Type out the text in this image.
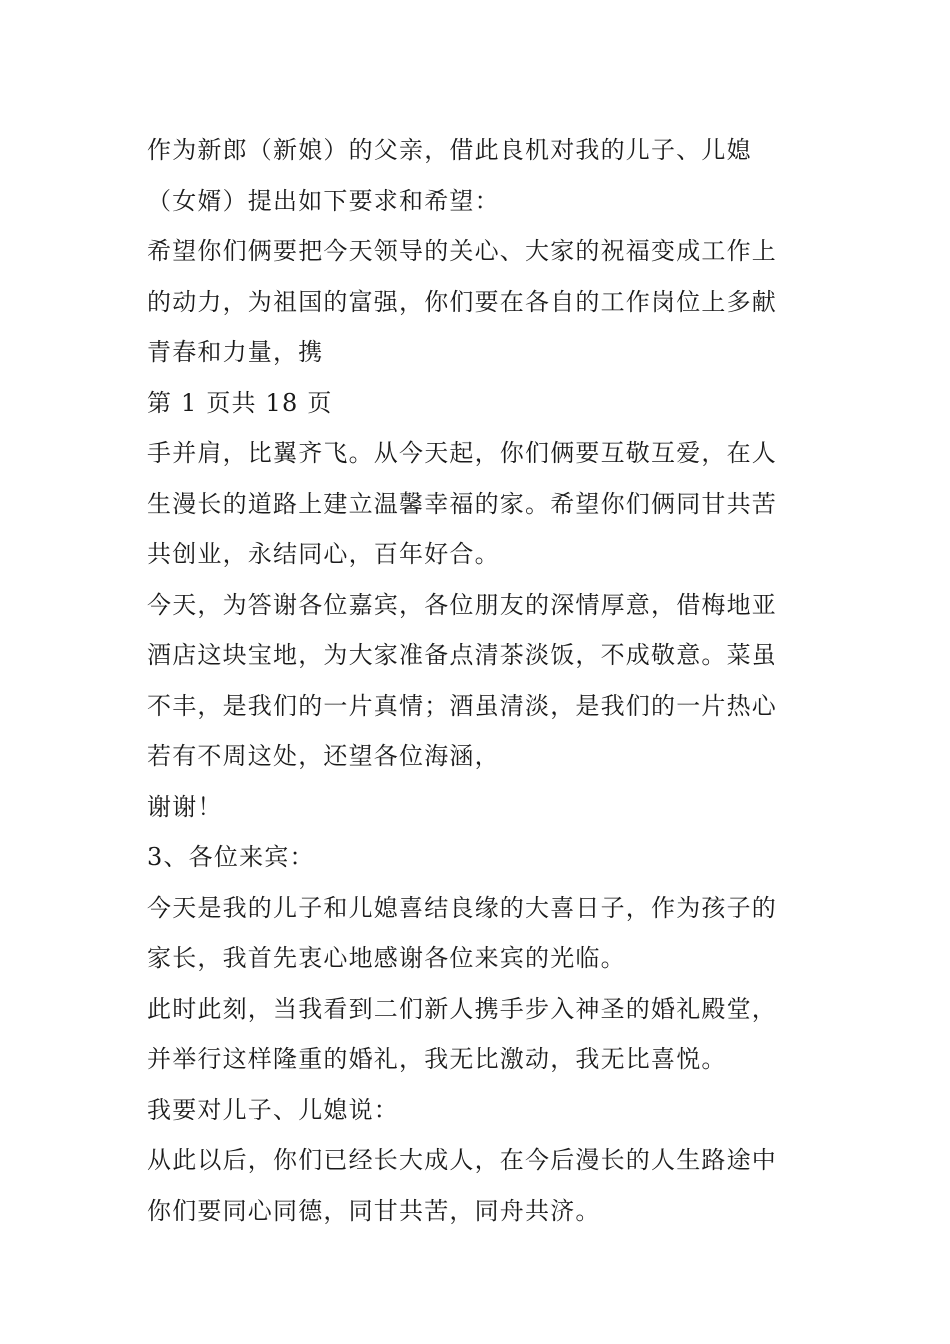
作为新郎（新娘）的父亲，借此良机对我的儿子、儿媳
（女婿）提出如下要求和希望：
希望你们俩要把今天领导的关心、大家的祝福变成工作上
的动力，为祖国的富强，你们要在各自的工作岗位上多献
青春和力量，携
第 1 页共 18 页
手并肩，比翼齐飞。从今天起，你们俩要互敬互爱，在人
生漫长的道路上建立温馨幸福的家。希望你们俩同甘共苦
共创业，永结同心，百年好合。
今天，为答谢各位嘉宾，各位朋友的深情厚意，借梅地亚
酒店这块宝地，为大家准备点清茶淡饭，不成敬意。菜虽
不丰，是我们的一片真情；酒虽清淡，是我们的一片热心
若有不周这处，还望各位海涵，
谢谢！
3、各位来宾：
今天是我的儿子和儿媳喜结良缘的大喜日子，作为孩子的
家长，我首先衷心地感谢各位来宾的光临。
此时此刻，当我看到二们新人携手步入神圣的婚礼殿堂，
并举行这样隆重的婚礼，我无比激动，我无比喜悦。
我要对儿子、儿媳说：
从此以后，你们已经长大成人，在今后漫长的人生路途中
你们要同心同德，同甘共苦，同舟共济。
